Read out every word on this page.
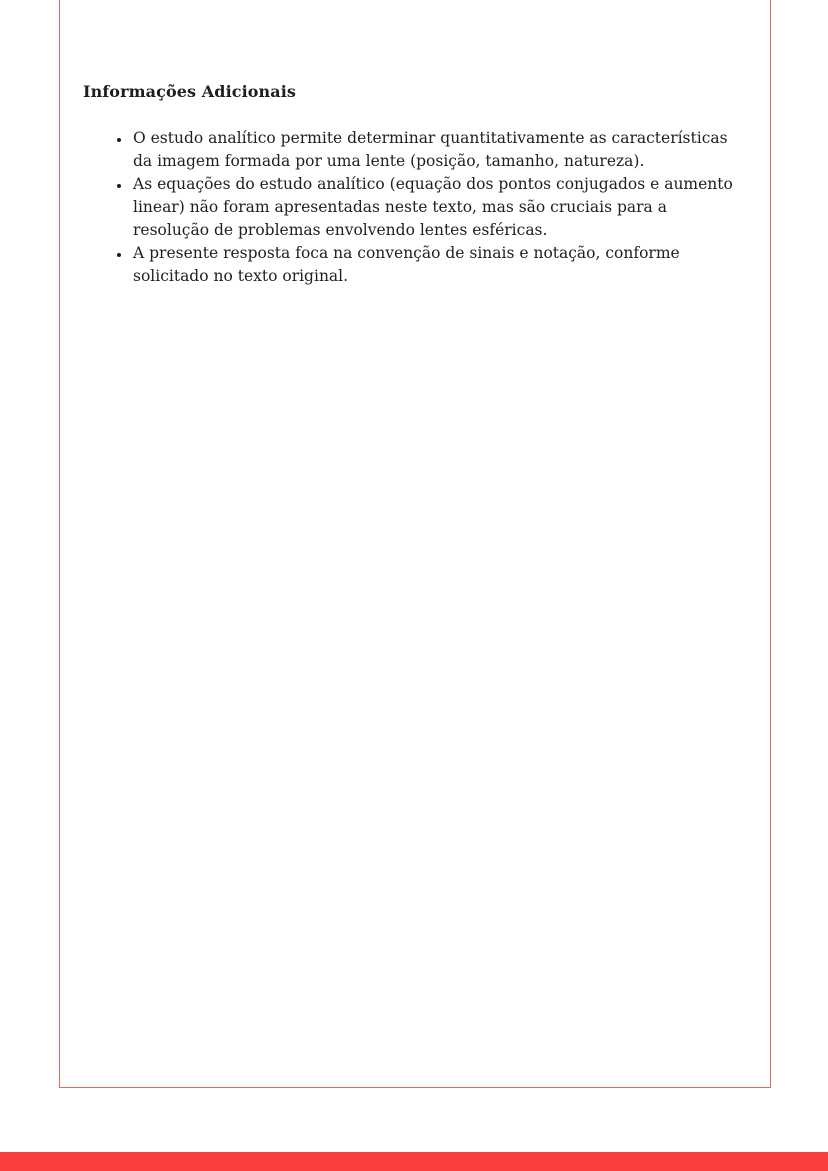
Informações Adicionais
• O estudo analítico permite determinar quantitativamente as características da imagem formada por uma lente (posição, tamanho, natureza).
• As equações do estudo analítico (equação dos pontos conjugados e aumento linear) não foram apresentadas neste texto, mas são cruciais para a resolução de problemas envolvendo lentes esféricas.
• A presente resposta foca na convenção de sinais e notação, conforme solicitado no texto original.
